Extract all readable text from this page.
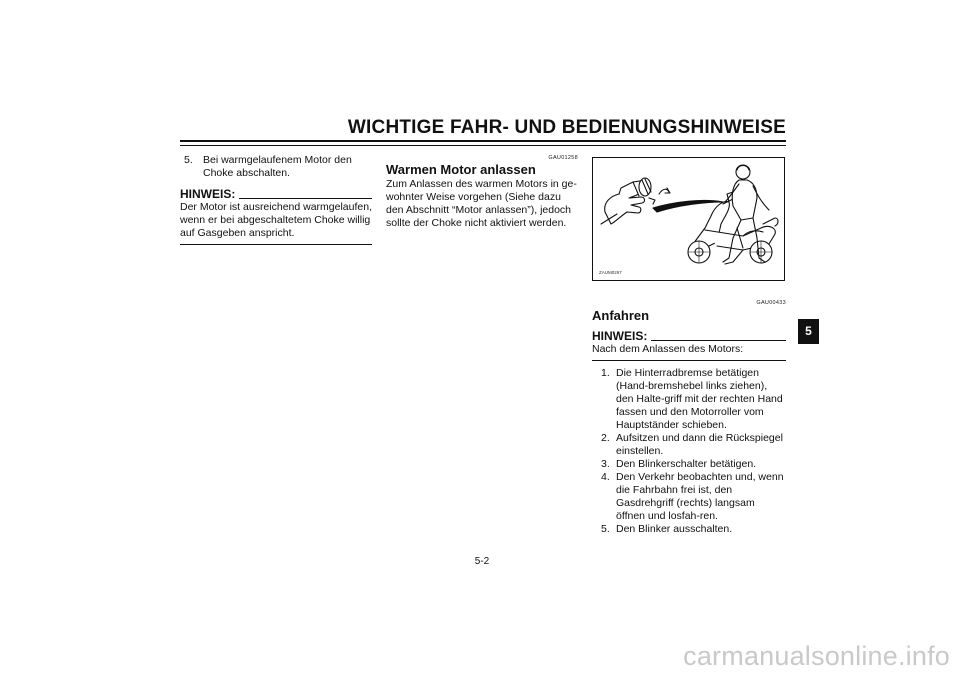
WICHTIGE FAHR- UND BEDIENUNGSHINWEISE
5. Bei warmgelaufenem Motor den Choke abschalten.
HINWEIS:

Der Motor ist ausreichend warmgelaufen, wenn er bei abgeschaltetem Choke willig auf Gasgeben anspricht.

GAU01258
Warmen Motor anlassen

Zum Anlassen des warmen Motors in ge-wohnter Weise vorgehen (Siehe dazu den Abschnitt “Motor anlassen”), jedoch sollte der Choke nicht aktiviert werden.

ZAUM0267
GAU00433
Anfahren
HINWEIS:

Nach dem Anlassen des Motors:

1. Die Hinterradbremse betätigen (Hand-bremshebel links ziehen), den Halte-griff mit der rechten Hand fassen und den Motorroller vom Hauptständer schieben.
2. Aufsitzen und dann die Rückspiegel einstellen.
3. Den Blinkerschalter betätigen.
4. Den Verkehr beobachten und, wenn die Fahrbahn frei ist, den Gasdrehgriff (rechts) langsam öffnen und losfah-ren.
5. Den Blinker ausschalten.
5
5-2
carmanualsonline.info
